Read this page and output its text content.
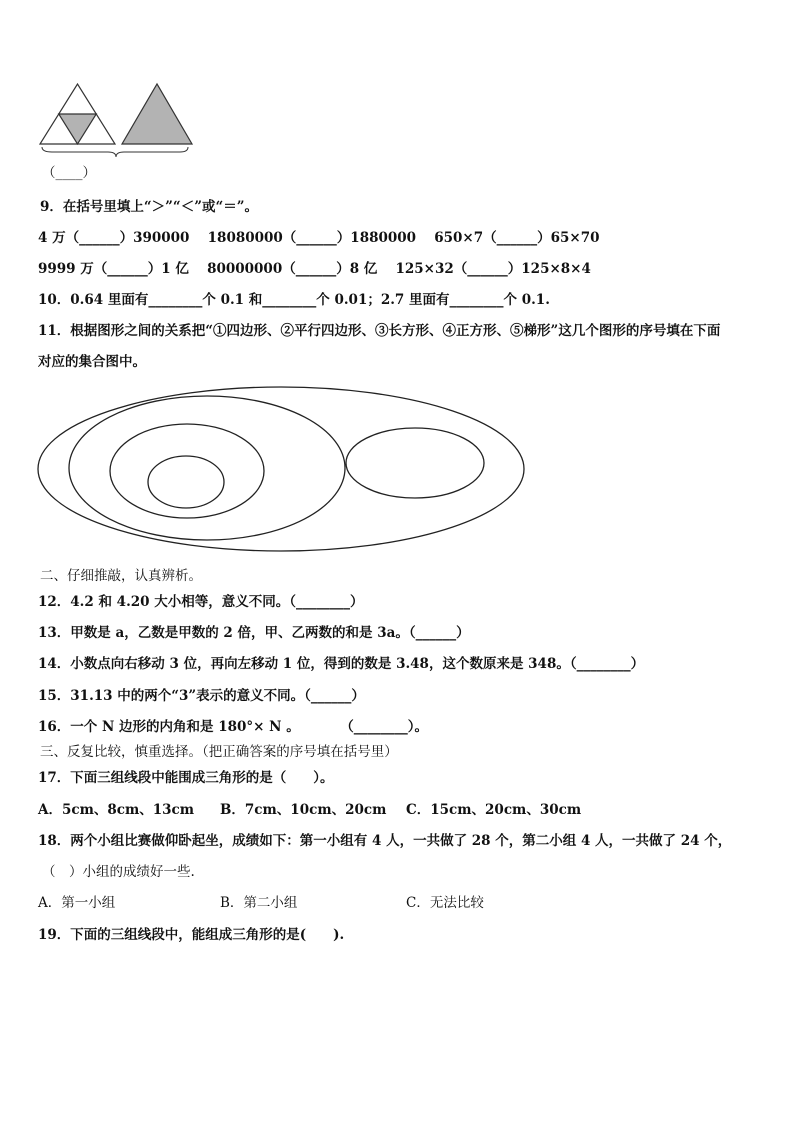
（____）
9．在括号里填上“＞”“＜”或“＝”。
4 万（______）390000　 18080000（______）1880000　 650×7（______）65×70
9999 万（______）1 亿　 80000000（______）8 亿　 125×32（______）125×8×4
10．0.64 里面有________个 0.1 和________个 0.01；2.7 里面有________个 0.1.
11．根据图形之间的关系把“①四边形、②平行四边形、③长方形、④正方形、⑤梯形”这几个图形的序号填在下面
对应的集合图中。
二、仔细推敲，认真辨析。
12．4.2 和 4.20 大小相等，意义不同。（________）
13．甲数是 a，乙数是甲数的 2 倍，甲、乙两数的和是 3a。（______）
14．小数点向右移动 3 位，再向左移动 1 位，得到的数是 3.48，这个数原来是 348。（________）
15．31.13 中的两个“3”表示的意义不同。（______）
16．一个 N 边形的内角和是 180°× N 。　　　　（________）。
三、反复比较，慎重选择。（把正确答案的序号填在括号里）
17．下面三组线段中能围成三角形的是（　　）。
A．5cm、8cm、13cm B．7cm、10cm、20cm C．15cm、20cm、30cm
18．两个小组比赛做仰卧起坐，成绩如下：第一小组有 4 人，一共做了 28 个，第二小组 4 人，一共做了 24 个，
（　）小组的成绩好一些.
A．第一小组	B．第二小组	C．无法比较
19．下面的三组线段中，能组成三角形的是(　　).
